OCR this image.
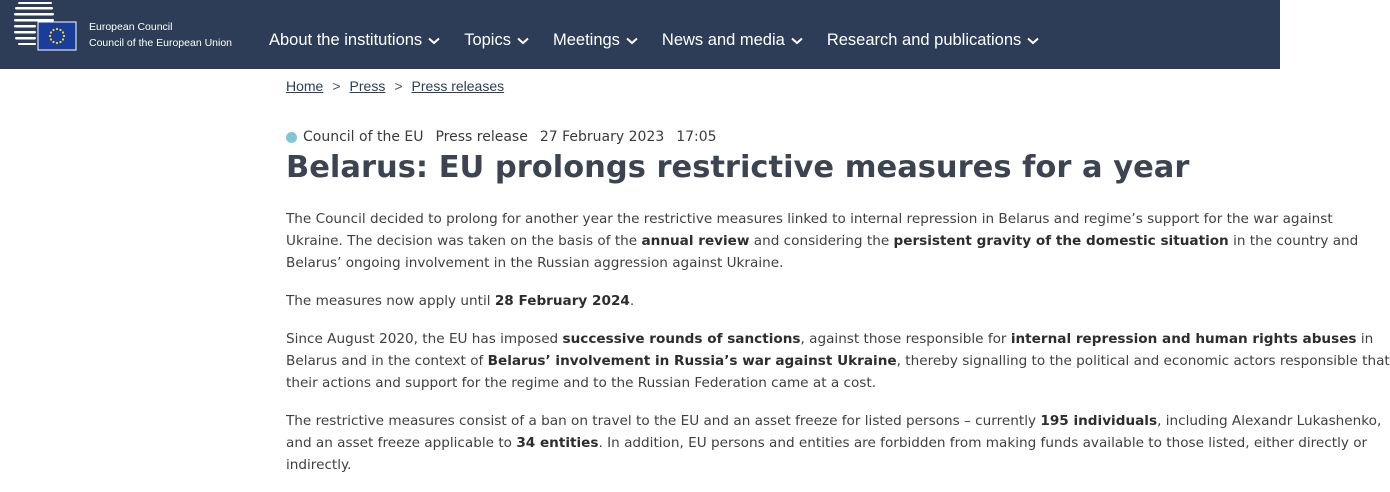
European Council
Council of the European Union About the institutions	Topics	Meetings	News and media	Research and publications
Home > Press > Press releases
Council of the EU Press release 27 February 2023 17:05
Belarus: EU prolongs restrictive measures for a year

The Council decided to prolong for another year the restrictive measures linked to internal repression in Belarus and regime’s support for the war against
Ukraine. The decision was taken on the basis of the annual review and considering the persistent gravity of the domestic situation in the country and
Belarus’ ongoing involvement in the Russian aggression against Ukraine.

The measures now apply until 28 February 2024.

Since August 2020, the EU has imposed successive rounds of sanctions, against those responsible for internal repression and human rights abuses in
Belarus and in the context of Belarus’ involvement in Russia’s war against Ukraine, thereby signalling to the political and economic actors responsible that
their actions and support for the regime and to the Russian Federation came at a cost.

The restrictive measures consist of a ban on travel to the EU and an asset freeze for listed persons – currently 195 individuals, including Alexandr Lukashenko,
and an asset freeze applicable to 34 entities. In addition, EU persons and entities are forbidden from making funds available to those listed, either directly or
indirectly.
